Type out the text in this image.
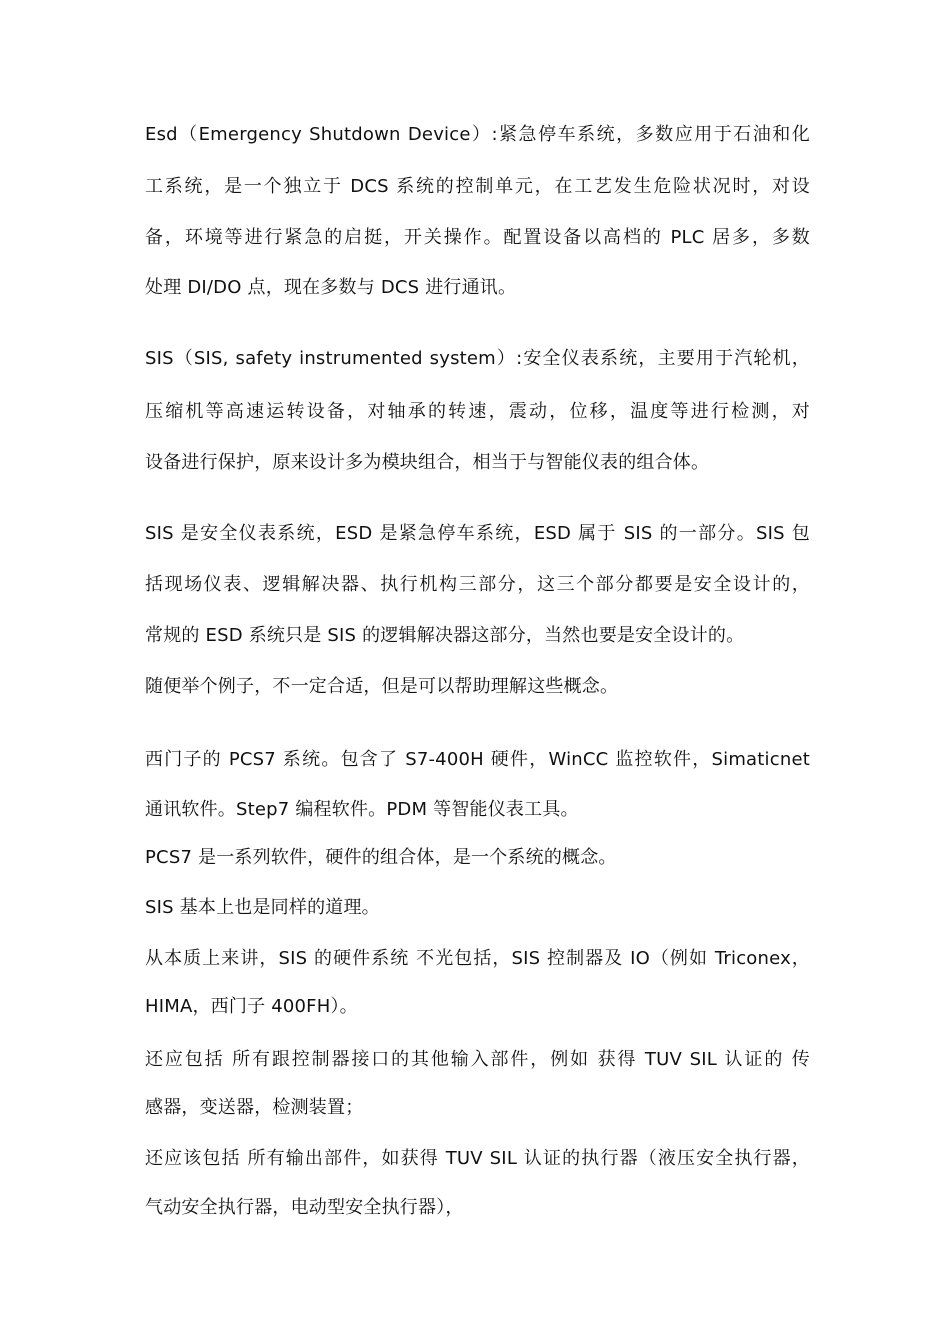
Esd（Emergency Shutdown Device）:紧急停车系统，多数应用于石油和化
工系统，是一个独立于 DCS 系统的控制单元，在工艺发生危险状况时，对设
备，环境等进行紧急的启挺，开关操作。配置设备以高档的 PLC 居多，多数
处理 DI/DO 点，现在多数与 DCS 进行通讯。
SIS（SIS, safety instrumented system）:安全仪表系统，主要用于汽轮机，
压缩机等高速运转设备，对轴承的转速，震动，位移，温度等进行检测，对
设备进行保护，原来设计多为模块组合，相当于与智能仪表的组合体。
SIS 是安全仪表系统，ESD 是紧急停车系统，ESD 属于 SIS 的一部分。SIS 包
括现场仪表、逻辑解决器、执行机构三部分，这三个部分都要是安全设计的，
常规的 ESD 系统只是 SIS 的逻辑解决器这部分，当然也要是安全设计的。
随便举个例子，不一定合适，但是可以帮助理解这些概念。
西门子的 PCS7 系统。包含了 S7-400H 硬件，WinCC 监控软件，Simaticnet
通讯软件。Step7 编程软件。PDM 等智能仪表工具。
PCS7 是一系列软件，硬件的组合体，是一个系统的概念。
SIS 基本上也是同样的道理。
从本质上来讲，SIS 的硬件系统 不光包括，SIS 控制器及 IO（例如 Triconex，
HIMA，西门子 400FH）。
还应包括 所有跟控制器接口的其他输入部件，例如 获得 TUV SIL 认证的 传
感器，变送器，检测装置；
还应该包括 所有输出部件，如获得 TUV SIL 认证的执行器（液压安全执行器，
气动安全执行器，电动型安全执行器），
